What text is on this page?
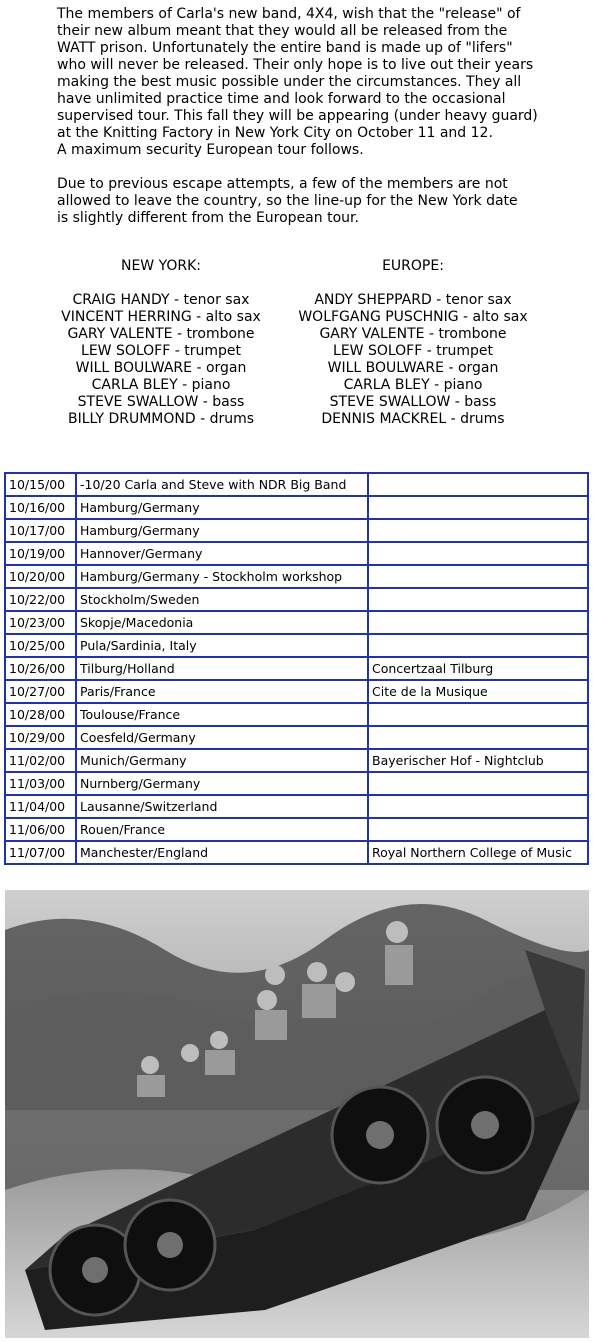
The members of Carla's new band, 4X4, wish that the "release" of
their new album meant that they would all be released from the
WATT prison. Unfortunately the entire band is made up of "lifers"
who will never be released. Their only hope is to live out their years
making the best music possible under the circumstances. They all
have unlimited practice time and look forward to the occasional
supervised tour. This fall they will be appearing (under heavy guard)
at the Knitting Factory in New York City on October 11 and 12.
A maximum security European tour follows.

Due to previous escape attempts, a few of the members are not
allowed to leave the country, so the line-up for the New York date
is slightly different from the European tour.

NEW YORK:
CRAIG HANDY - tenor sax
VINCENT HERRING - alto sax
GARY VALENTE - trombone
LEW SOLOFF - trumpet
WILL BOULWARE - organ
CARLA BLEY - piano
STEVE SWALLOW - bass
BILLY DRUMMOND - drums
EUROPE:
ANDY SHEPPARD - tenor sax
WOLFGANG PUSCHNIG - alto sax
GARY VALENTE - trombone
LEW SOLOFF - trumpet
WILL BOULWARE - organ
CARLA BLEY - piano
STEVE SWALLOW - bass
DENNIS MACKREL - drums
10/15/00	-10/20 Carla and Steve with NDR Big Band	
10/16/00	Hamburg/Germany	
10/17/00	Hamburg/Germany	
10/19/00	Hannover/Germany	
10/20/00	Hamburg/Germany - Stockholm workshop	
10/22/00	Stockholm/Sweden	
10/23/00	Skopje/Macedonia	
10/25/00	Pula/Sardinia, Italy	
10/26/00	Tilburg/Holland	Concertzaal Tilburg
10/27/00	Paris/France	Cite de la Musique
10/28/00	Toulouse/France	
10/29/00	Coesfeld/Germany	
11/02/00	Munich/Germany	Bayerischer Hof - Nightclub
11/03/00	Nurnberg/Germany	
11/04/00	Lausanne/Switzerland	
11/06/00	Rouen/France	
11/07/00	Manchester/England	Royal Northern College of Music
